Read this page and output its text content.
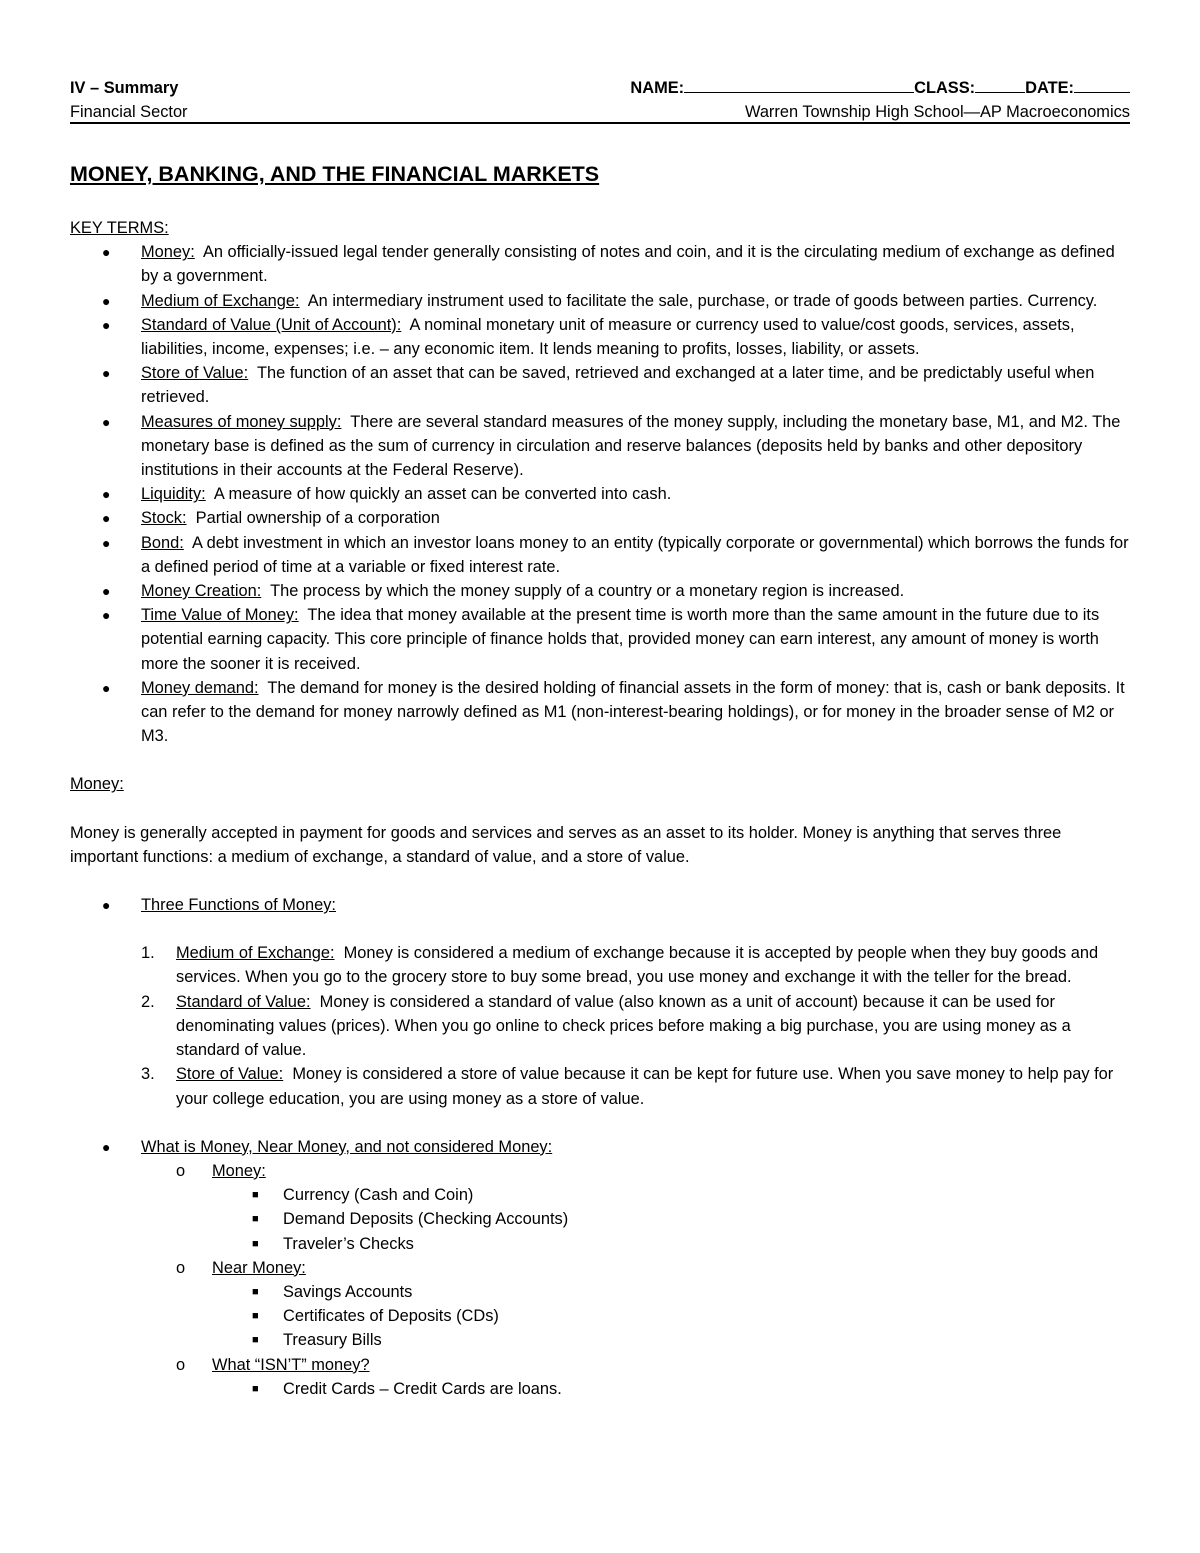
IV – Summary	NAME:	CLASS:	DATE:
Financial Sector	Warren Township High School—AP Macroeconomics
MONEY, BANKING, AND THE FINANCIAL MARKETS
KEY TERMS:
● Money: An officially-issued legal tender generally consisting of notes and coin, and it is the circulating medium of exchange as defined by a government.
● Medium of Exchange: An intermediary instrument used to facilitate the sale, purchase, or trade of goods between parties. Currency.
● Standard of Value (Unit of Account): A nominal monetary unit of measure or currency used to value/cost goods, services, assets, liabilities, income, expenses; i.e. – any economic item. It lends meaning to profits, losses, liability, or assets.
● Store of Value: The function of an asset that can be saved, retrieved and exchanged at a later time, and be predictably useful when retrieved.
● Measures of money supply: There are several standard measures of the money supply, including the monetary base, M1, and M2. The monetary base is defined as the sum of currency in circulation and reserve balances (deposits held by banks and other depository institutions in their accounts at the Federal Reserve).
● Liquidity: A measure of how quickly an asset can be converted into cash.
● Stock: Partial ownership of a corporation
● Bond: A debt investment in which an investor loans money to an entity (typically corporate or governmental) which borrows the funds for a defined period of time at a variable or fixed interest rate.
● Money Creation: The process by which the money supply of a country or a monetary region is increased.
● Time Value of Money: The idea that money available at the present time is worth more than the same amount in the future due to its potential earning capacity. This core principle of finance holds that, provided money can earn interest, any amount of money is worth more the sooner it is received.
● Money demand: The demand for money is the desired holding of financial assets in the form of money: that is, cash or bank deposits. It can refer to the demand for money narrowly defined as M1 (non-interest-bearing holdings), or for money in the broader sense of M2 or M3.
Money:
Money is generally accepted in payment for goods and services and serves as an asset to its holder. Money is anything that serves three important functions: a medium of exchange, a standard of value, and a store of value.
● Three Functions of Money:
1. Medium of Exchange: Money is considered a medium of exchange because it is accepted by people when they buy goods and services. When you go to the grocery store to buy some bread, you use money and exchange it with the teller for the bread.
2. Standard of Value: Money is considered a standard of value (also known as a unit of account) because it can be used for denominating values (prices). When you go online to check prices before making a big purchase, you are using money as a standard of value.
3. Store of Value: Money is considered a store of value because it can be kept for future use. When you save money to help pay for your college education, you are using money as a store of value.
● What is Money, Near Money, and not considered Money:
o Money:
■ Currency (Cash and Coin)
■ Demand Deposits (Checking Accounts)
■ Traveler’s Checks
o Near Money:
■ Savings Accounts
■ Certificates of Deposits (CDs)
■ Treasury Bills
o What “ISN’T” money?
■ Credit Cards – Credit Cards are loans.
